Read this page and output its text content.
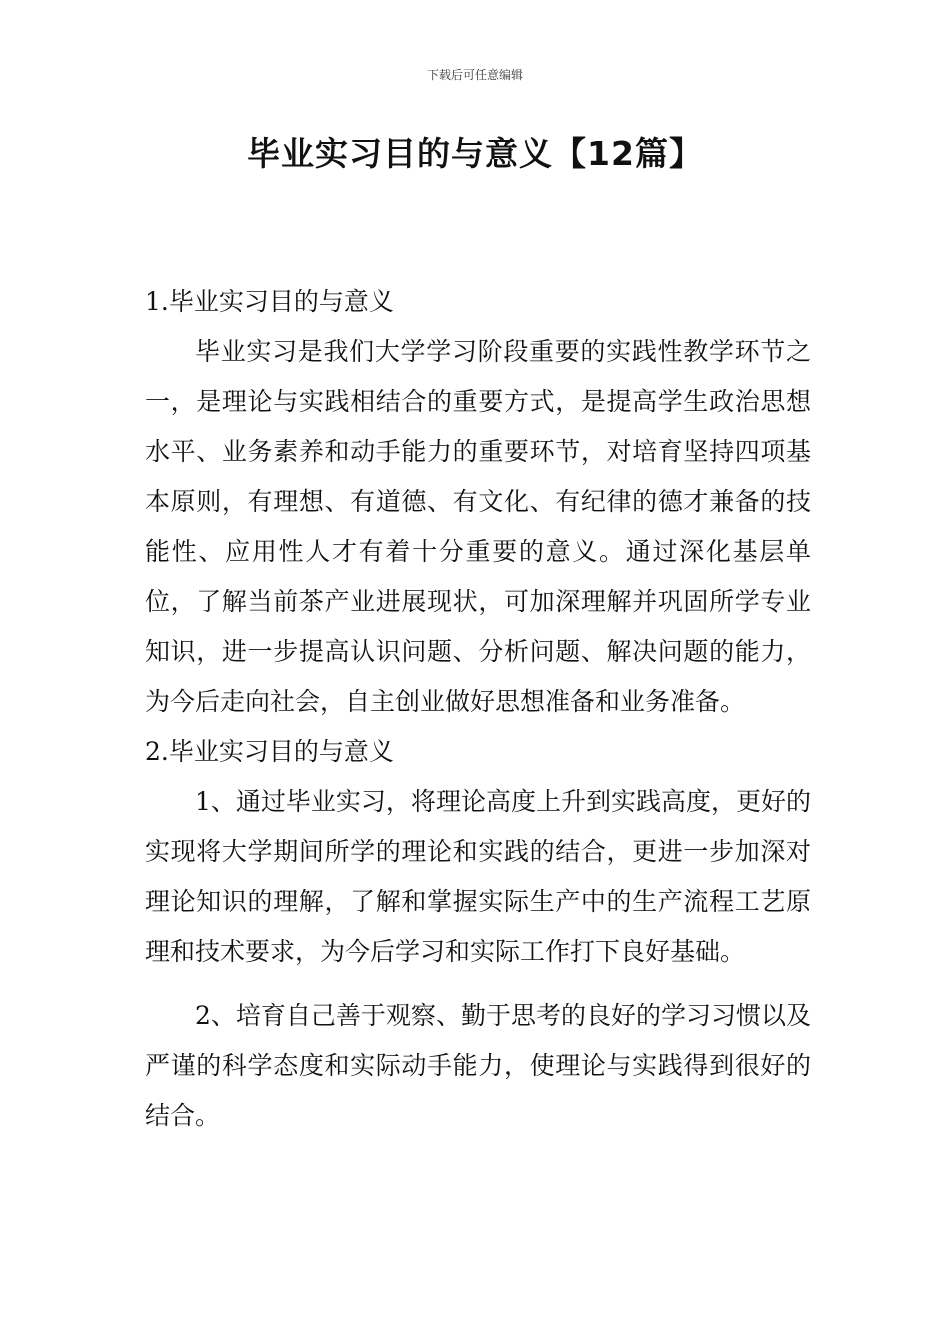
下载后可任意编辑
毕业实习目的与意义【12篇】
1.毕业实习目的与意义

毕业实习是我们大学学习阶段重要的实践性教学环节之一，是理论与实践相结合的重要方式，是提高学生政治思想水平、业务素养和动手能力的重要环节，对培育坚持四项基本原则，有理想、有道德、有文化、有纪律的德才兼备的技能性、应用性人才有着十分重要的意义。通过深化基层单位，了解当前茶产业进展现状，可加深理解并巩固所学专业知识，进一步提高认识问题、分析问题、解决问题的能力，为今后走向社会，自主创业做好思想准备和业务准备。

2.毕业实习目的与意义

1、通过毕业实习，将理论高度上升到实践高度，更好的实现将大学期间所学的理论和实践的结合，更进一步加深对理论知识的理解，了解和掌握实际生产中的生产流程工艺原理和技术要求，为今后学习和实际工作打下良好基础。

2、培育自己善于观察、勤于思考的良好的学习习惯以及严谨的科学态度和实际动手能力，使理论与实践得到很好的结合。
